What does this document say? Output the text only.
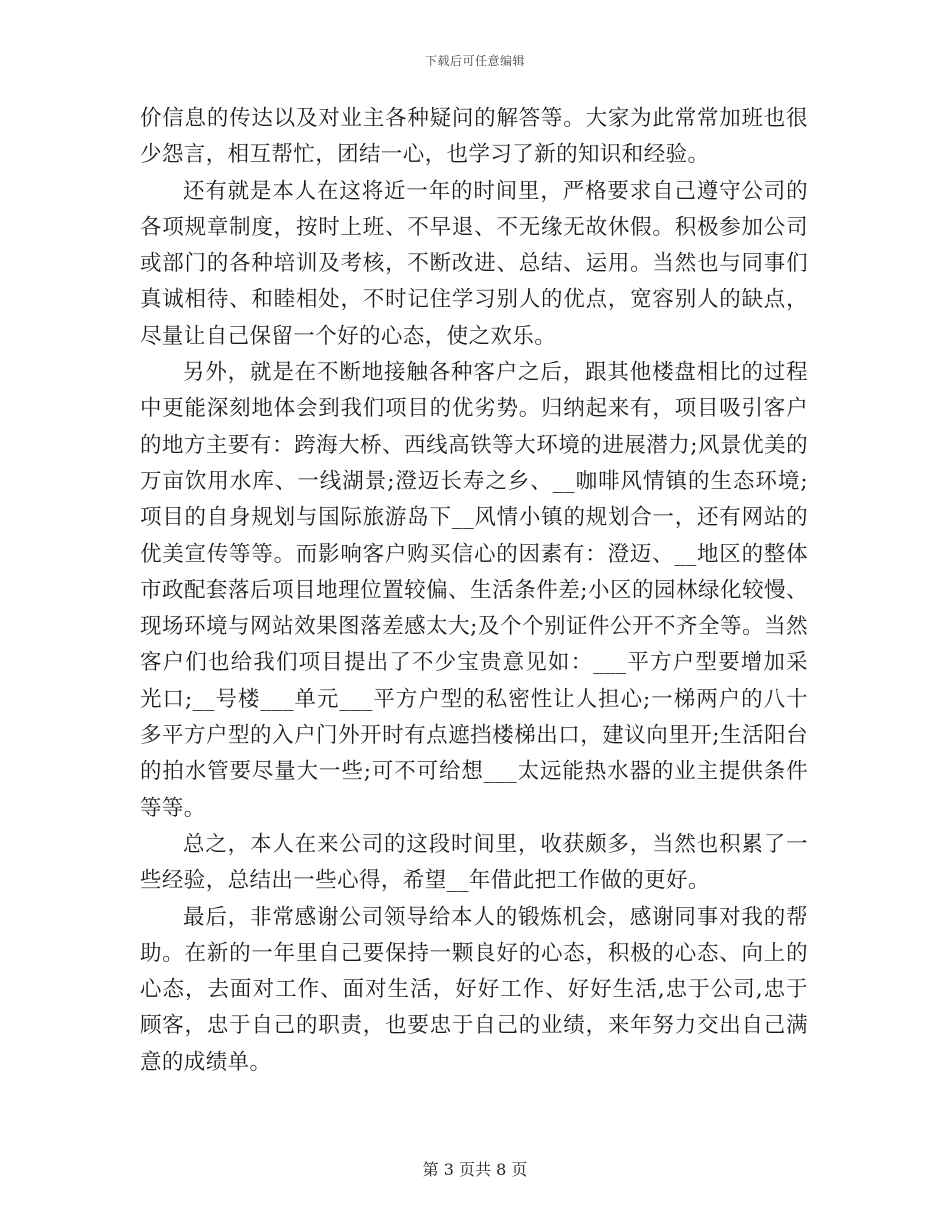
下载后可任意编辑

价信息的传达以及对业主各种疑问的解答等。大家为此常常加班也很少怨言，相互帮忙，团结一心，也学习了新的知识和经验。

还有就是本人在这将近一年的时间里，严格要求自己遵守公司的各项规章制度，按时上班、不早退、不无缘无故休假。积极参加公司或部门的各种培训及考核，不断改进、总结、运用。当然也与同事们真诚相待、和睦相处，不时记住学习别人的优点，宽容别人的缺点，尽量让自己保留一个好的心态，使之欢乐。

另外，就是在不断地接触各种客户之后，跟其他楼盘相比的过程中更能深刻地体会到我们项目的优劣势。归纳起来有，项目吸引客户的地方主要有：跨海大桥、西线高铁等大环境的进展潜力;风景优美的万亩饮用水库、一线湖景;澄迈长寿之乡、__咖啡风情镇的生态环境;项目的自身规划与国际旅游岛下__风情小镇的规划合一，还有网站的优美宣传等等。而影响客户购买信心的因素有：澄迈、__地区的整体市政配套落后项目地理位置较偏、生活条件差;小区的园林绿化较慢、现场环境与网站效果图落差感太大;及个个别证件公开不齐全等。当然客户们也给我们项目提出了不少宝贵意见如：___平方户型要增加采光口;__号楼___单元___平方户型的私密性让人担心;一梯两户的八十多平方户型的入户门外开时有点遮挡楼梯出口，建议向里开;生活阳台的拍水管要尽量大一些;可不可给想___太远能热水器的业主提供条件等等。

总之，本人在来公司的这段时间里，收获颇多，当然也积累了一些经验，总结出一些心得，希望__年借此把工作做的更好。

最后，非常感谢公司领导给本人的锻炼机会，感谢同事对我的帮助。在新的一年里自己要保持一颗良好的心态，积极的心态、向上的心态，去面对工作、面对生活，好好工作、好好生活,忠于公司,忠于顾客，忠于自己的职责，也要忠于自己的业绩，来年努力交出自己满意的成绩单。

第 3 页共 8 页
